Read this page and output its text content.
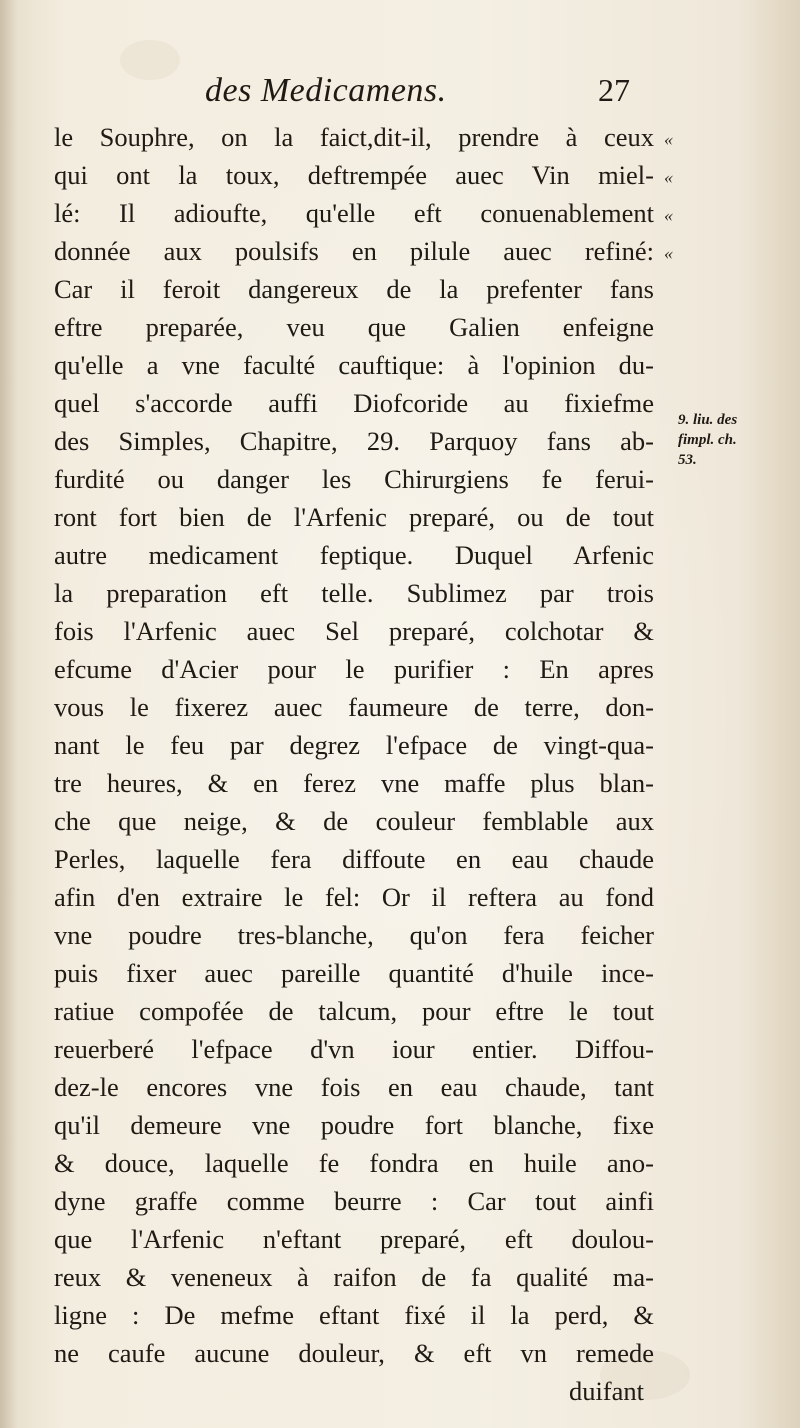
des Medicamens.	27
le Souphre, on la faict,dit-il, prendre à ceux
qui ont la toux, deftrempée auec Vin miel-
lé: Il adioufte, qu'elle eft conuenablement
donnée aux poulsifs en pilule auec refiné:
Car il feroit dangereux de la prefenter fans
eftre preparée, veu que Galien enfeigne
qu'elle a vne faculté cauftique: à l'opinion du-
quel s'accorde auffi Diofcoride au fixiefme
des Simples, Chapitre, 29. Parquoy fans ab-
furdité ou danger les Chirurgiens fe ferui-
ront fort bien de l'Arfenic preparé, ou de tout
autre medicament feptique. Duquel Arfenic
la preparation eft telle. Sublimez par trois
fois l'Arfenic auec Sel preparé, colchotar &
efcume d'Acier pour le purifier : En apres
vous le fixerez auec faumeure de terre, don-
nant le feu par degrez l'efpace de vingt-qua-
tre heures, & en ferez vne maffe plus blan-
che que neige, & de couleur femblable aux
Perles, laquelle fera diffoute en eau chaude
afin d'en extraire le fel: Or il reftera au fond
vne poudre tres-blanche, qu'on fera feicher
puis fixer auec pareille quantité d'huile ince-
ratiue compofée de talcum, pour eftre le tout
reuerberé l'efpace d'vn iour entier. Diffou-
dez-le encores vne fois en eau chaude, tant
qu'il demeure vne poudre fort blanche, fixe
& douce, laquelle fe fondra en huile ano-
dyne graffe comme beurre : Car tout ainfi
que l'Arfenic n'eftant preparé, eft doulou-
reux & veneneux à raifon de fa qualité ma-
ligne : De mefme eftant fixé il la perd, &
ne caufe aucune douleur, & eft vn remede
duifant
«
«
«
«
9. liu. des
fimpl. ch.
53.
